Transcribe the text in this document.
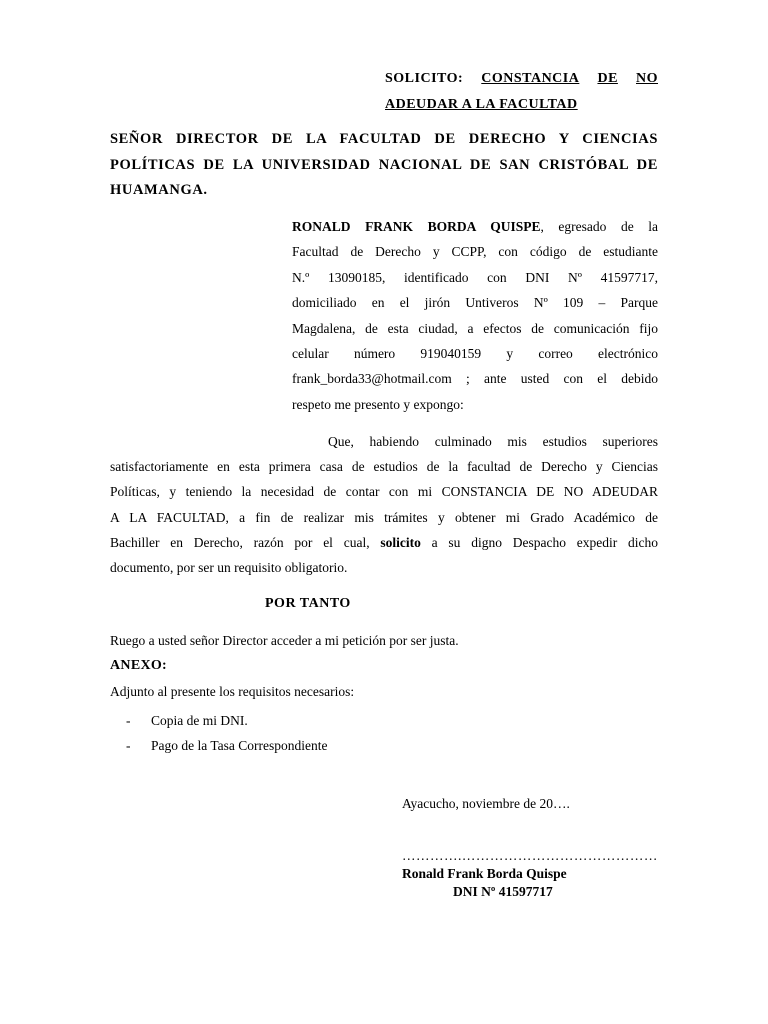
SOLICITO: CONSTANCIA DE NO
ADEUDAR A LA FACULTAD
SEÑOR DIRECTOR DE LA FACULTAD DE DERECHO Y CIENCIAS
POLÍTICAS DE LA UNIVERSIDAD NACIONAL DE SAN CRISTÓBAL DE
HUAMANGA.
RONALD FRANK BORDA QUISPE, egresado de la
Facultad de Derecho y CCPP, con código de estudiante
N.º 13090185, identificado con DNI Nº 41597717,
domiciliado en el jirón Untiveros Nº 109 – Parque
Magdalena, de esta ciudad, a efectos de comunicación fijo
celular número 919040159 y correo electrónico
frank_borda33@hotmail.com ; ante usted con el debido
respeto me presento y expongo:
Que, habiendo culminado mis estudios superiores
satisfactoriamente en esta primera casa de estudios de la facultad de Derecho y Ciencias
Políticas, y teniendo la necesidad de contar con mi CONSTANCIA DE NO ADEUDAR
A LA FACULTAD, a fin de realizar mis trámites y obtener mi Grado Académico de
Bachiller en Derecho, razón por el cual, solicito a su digno Despacho expedir dicho
documento, por ser un requisito obligatorio.
POR TANTO
Ruego a usted señor Director acceder a mi petición por ser justa.
ANEXO:
Adjunto al presente los requisitos necesarios:
-	Copia de mi DNI.
-	Pago de la Tasa Correspondiente
Ayacucho, noviembre de 20….
………….……………………………………
Ronald Frank Borda Quispe
DNI Nº 41597717
